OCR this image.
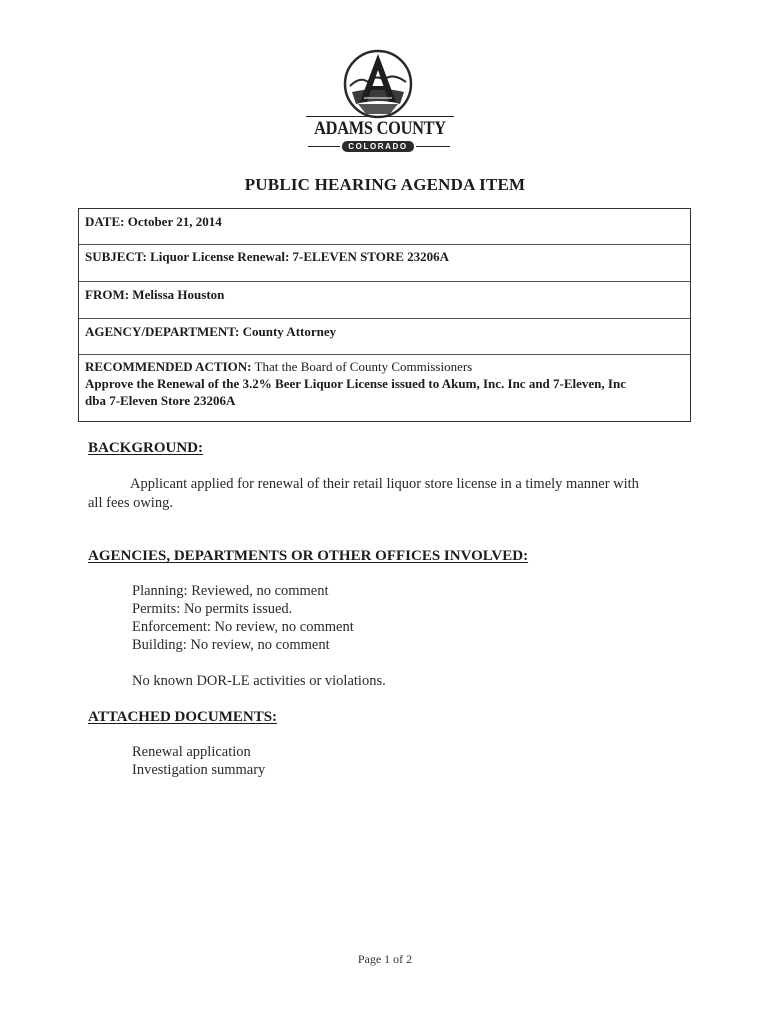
ADAMS COUNTY
COLORADO
PUBLIC HEARING AGENDA ITEM
DATE: October 21, 2014
SUBJECT: Liquor License Renewal: 7-ELEVEN STORE 23206A
FROM: Melissa Houston
AGENCY/DEPARTMENT: County Attorney
RECOMMENDED ACTION: That the Board of County Commissioners
Approve the Renewal of the 3.2% Beer Liquor License issued to Akum, Inc. Inc and 7-Eleven, Inc
dba 7-Eleven Store 23206A
BACKGROUND:
Applicant applied for renewal of their retail liquor store license in a timely manner with
all fees owing.
AGENCIES, DEPARTMENTS OR OTHER OFFICES INVOLVED:
Planning: Reviewed, no comment
Permits: No permits issued.
Enforcement: No review, no comment
Building: No review, no comment
No known DOR-LE activities or violations.
ATTACHED DOCUMENTS:
Renewal application
Investigation summary
Page 1 of 2
